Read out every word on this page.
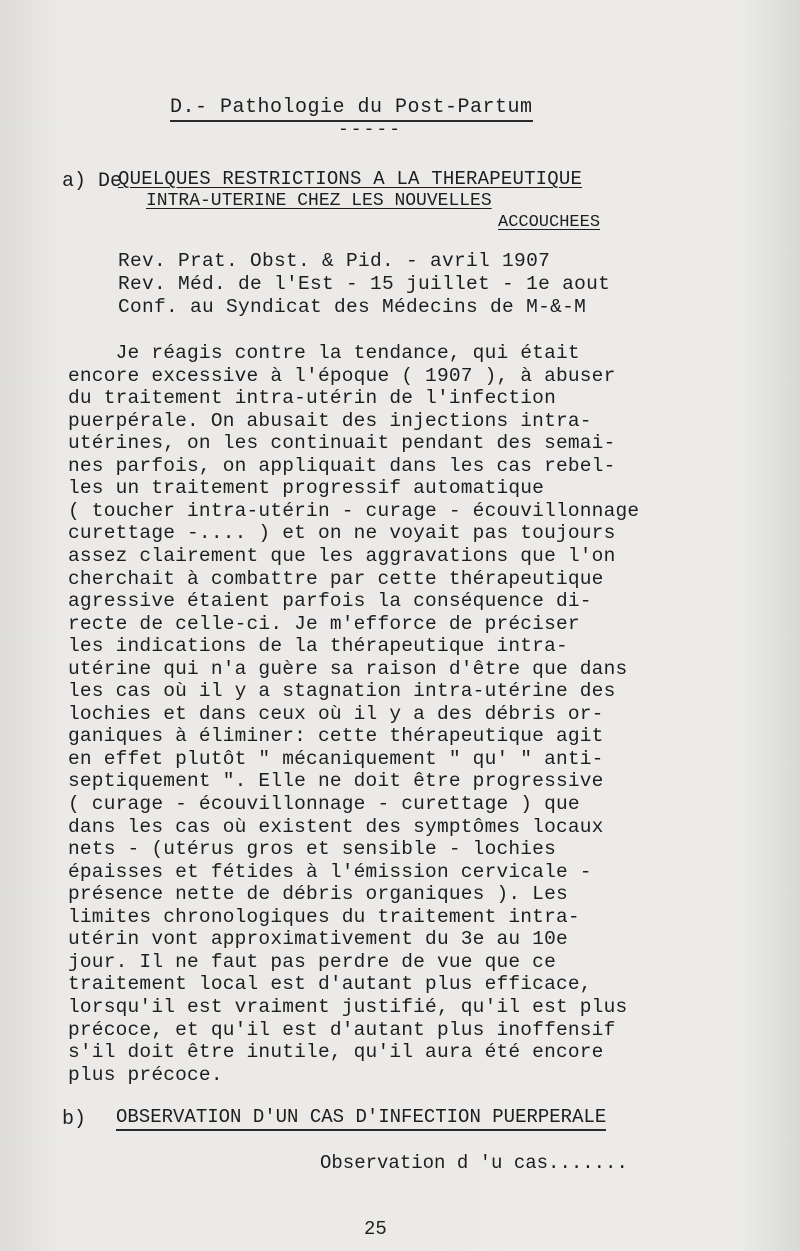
D.- Pathologie du Post-Partum
-----
a) De
QUELQUES RESTRICTIONS A LA THERAPEUTIQUE
INTRA-UTERINE CHEZ LES NOUVELLES
ACCOUCHEES
Rev. Prat. Obst. & Pid. - avril 1907
Rev. Méd. de l'Est - 15 juillet - 1e aout
Conf. au Syndicat des Médecins de M-&-M
Je réagis contre la tendance, qui était
encore excessive à l'époque ( 1907 ), à abuser
du traitement intra-utérin de l'infection
puerpérale. On abusait des injections intra-
utérines, on les continuait pendant des semai-
nes parfois, on appliquait dans les cas rebel-
les un traitement progressif automatique
( toucher intra-utérin - curage - écouvillonnage
curettage -.... ) et on ne voyait pas toujours
assez clairement que les aggravations que l'on
cherchait à combattre par cette thérapeutique
agressive étaient parfois la conséquence di-
recte de celle-ci. Je m'efforce de préciser
les indications de la thérapeutique intra-
utérine qui n'a guère sa raison d'être que dans
les cas où il y a stagnation intra-utérine des
lochies et dans ceux où il y a des débris or-
ganiques à éliminer: cette thérapeutique agit
en effet plutôt " mécaniquement " qu' " anti-
septiquement ". Elle ne doit être progressive
( curage - écouvillonnage - curettage ) que
dans les cas où existent des symptômes locaux
nets - (utérus gros et sensible - lochies
épaisses et fétides à l'émission cervicale -
présence nette de débris organiques ). Les
limites chronologiques du traitement intra-
utérin vont approximativement du 3e au 10e
jour. Il ne faut pas perdre de vue que ce
traitement local est d'autant plus efficace,
lorsqu'il est vraiment justifié, qu'il est plus
précoce, et qu'il est d'autant plus inoffensif
s'il doit être inutile, qu'il aura été encore
plus précoce.
b) OBSERVATION D'UN CAS D'INFECTION PUERPERALE
Observation d 'u cas.......
25
